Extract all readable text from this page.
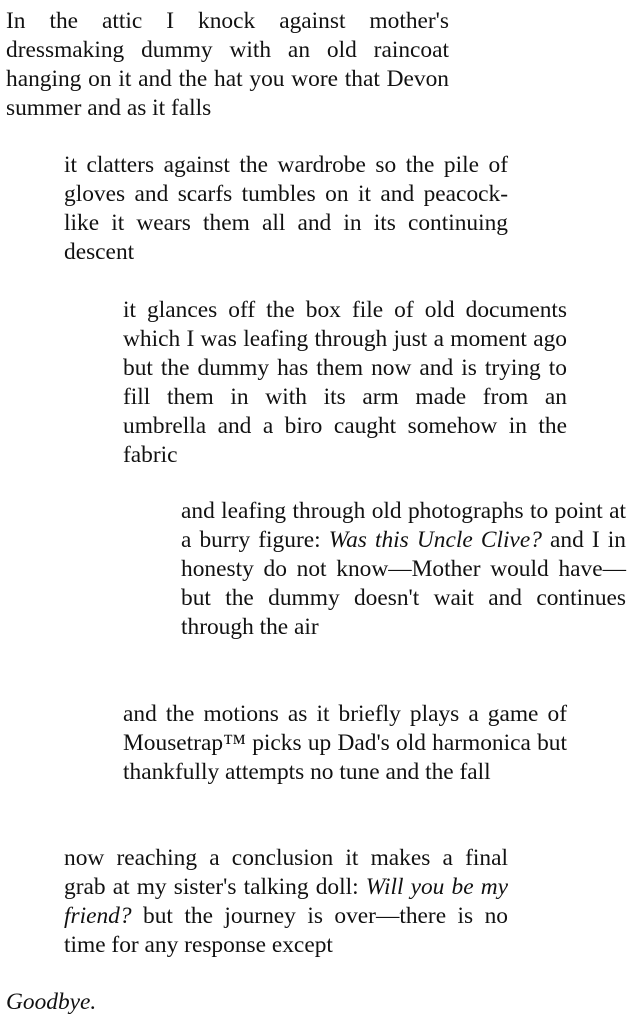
In the attic I knock against mother's dressmaking dummy with an old raincoat hanging on it and the hat you wore that Devon summer and as it falls

it clatters against the wardrobe so the pile of gloves and scarfs tumbles on it and peacock-like it wears them all and in its continuing descent

it glances off the box file of old documents which I was leafing through just a moment ago but the dummy has them now and is trying to fill them in with its arm made from an umbrella and a biro caught somehow in the fabric

and leafing through old photographs to point at a burry figure: Was this Uncle Clive? and I in honesty do not know—Mother would have—but the dummy doesn't wait and continues through the air

and the motions as it briefly plays a game of Mousetrap™ picks up Dad's old harmonica but thankfully attempts no tune and the fall

now reaching a conclusion it makes a final grab at my sister's talking doll: Will you be my friend? but the journey is over—there is no time for any response except

Goodbye.
